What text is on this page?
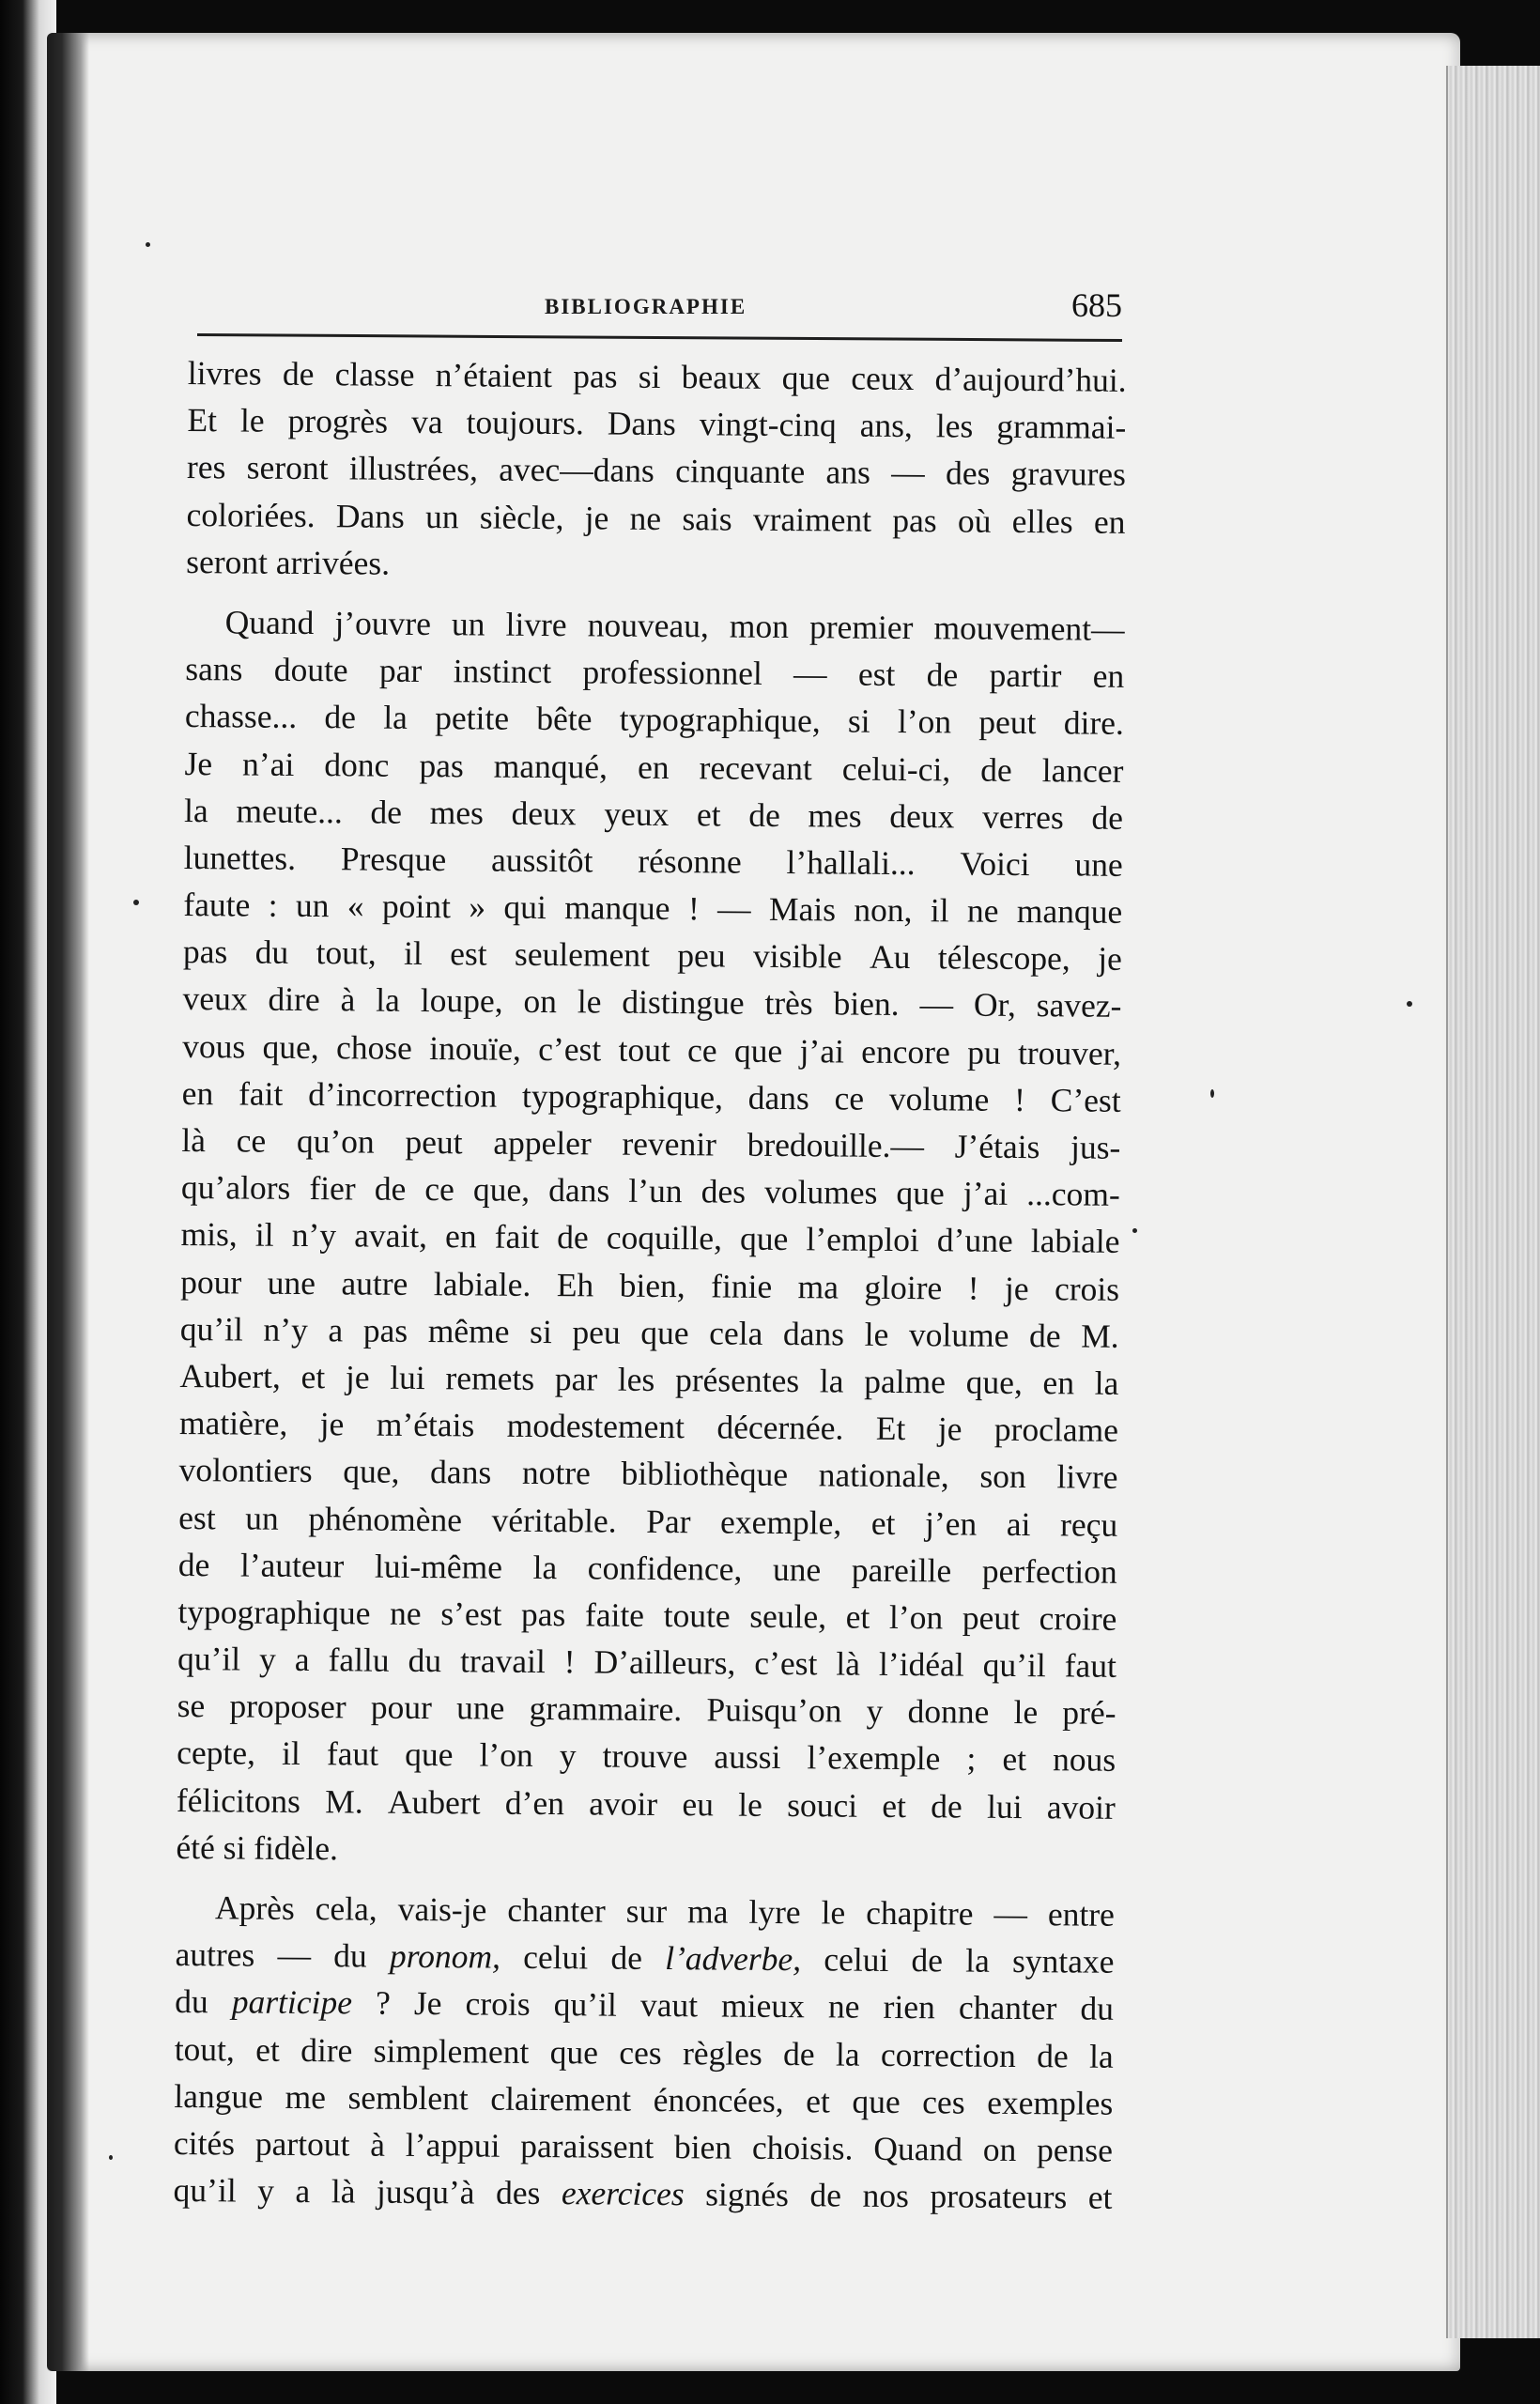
BIBLIOGRAPHIE	685
livres de classe n’étaient pas si beaux que ceux d’aujourd’hui.
Et le progrès va toujours. Dans vingt-cinq ans, les grammai-
res seront illustrées, avec—dans cinquante ans — des gravures
coloriées. Dans un siècle, je ne sais vraiment pas où elles en
seront arrivées.
Quand j’ouvre un livre nouveau, mon premier mouvement—
sans doute par instinct professionnel — est de partir en
chasse... de la petite bête typographique, si l’on peut dire.
Je n’ai donc pas manqué, en recevant celui-ci, de lancer
la meute... de mes deux yeux et de mes deux verres de
lunettes. Presque aussitôt résonne l’hallali... Voici une
faute : un « point » qui manque ! — Mais non, il ne manque
pas du tout, il est seulement peu visible Au télescope, je
veux dire à la loupe, on le distingue très bien. — Or, savez-
vous que, chose inouïe, c’est tout ce que j’ai encore pu trouver,
en fait d’incorrection typographique, dans ce volume ! C’est
là ce qu’on peut appeler revenir bredouille.— J’étais jus-
qu’alors fier de ce que, dans l’un des volumes que j’ai ...com-
mis, il n’y avait, en fait de coquille, que l’emploi d’une labiale
pour une autre labiale. Eh bien, finie ma gloire ! je crois
qu’il n’y a pas même si peu que cela dans le volume de M.
Aubert, et je lui remets par les présentes la palme que, en la
matière, je m’étais modestement décernée. Et je proclame
volontiers que, dans notre bibliothèque nationale, son livre
est un phénomène véritable. Par exemple, et j’en ai reçu
de l’auteur lui-même la confidence, une pareille perfection
typographique ne s’est pas faite toute seule, et l’on peut croire
qu’il y a fallu du travail ! D’ailleurs, c’est là l’idéal qu’il faut
se proposer pour une grammaire. Puisqu’on y donne le pré-
cepte, il faut que l’on y trouve aussi l’exemple ; et nous
félicitons M. Aubert d’en avoir eu le souci et de lui avoir
été si fidèle.
Après cela, vais-je chanter sur ma lyre le chapitre — entre
autres — du pronom, celui de l’adverbe, celui de la syntaxe
du participe ? Je crois qu’il vaut mieux ne rien chanter du
tout, et dire simplement que ces règles de la correction de la
langue me semblent clairement énoncées, et que ces exemples
cités partout à l’appui paraissent bien choisis. Quand on pense
qu’il y a là jusqu’à des exercices signés de nos prosateurs et
